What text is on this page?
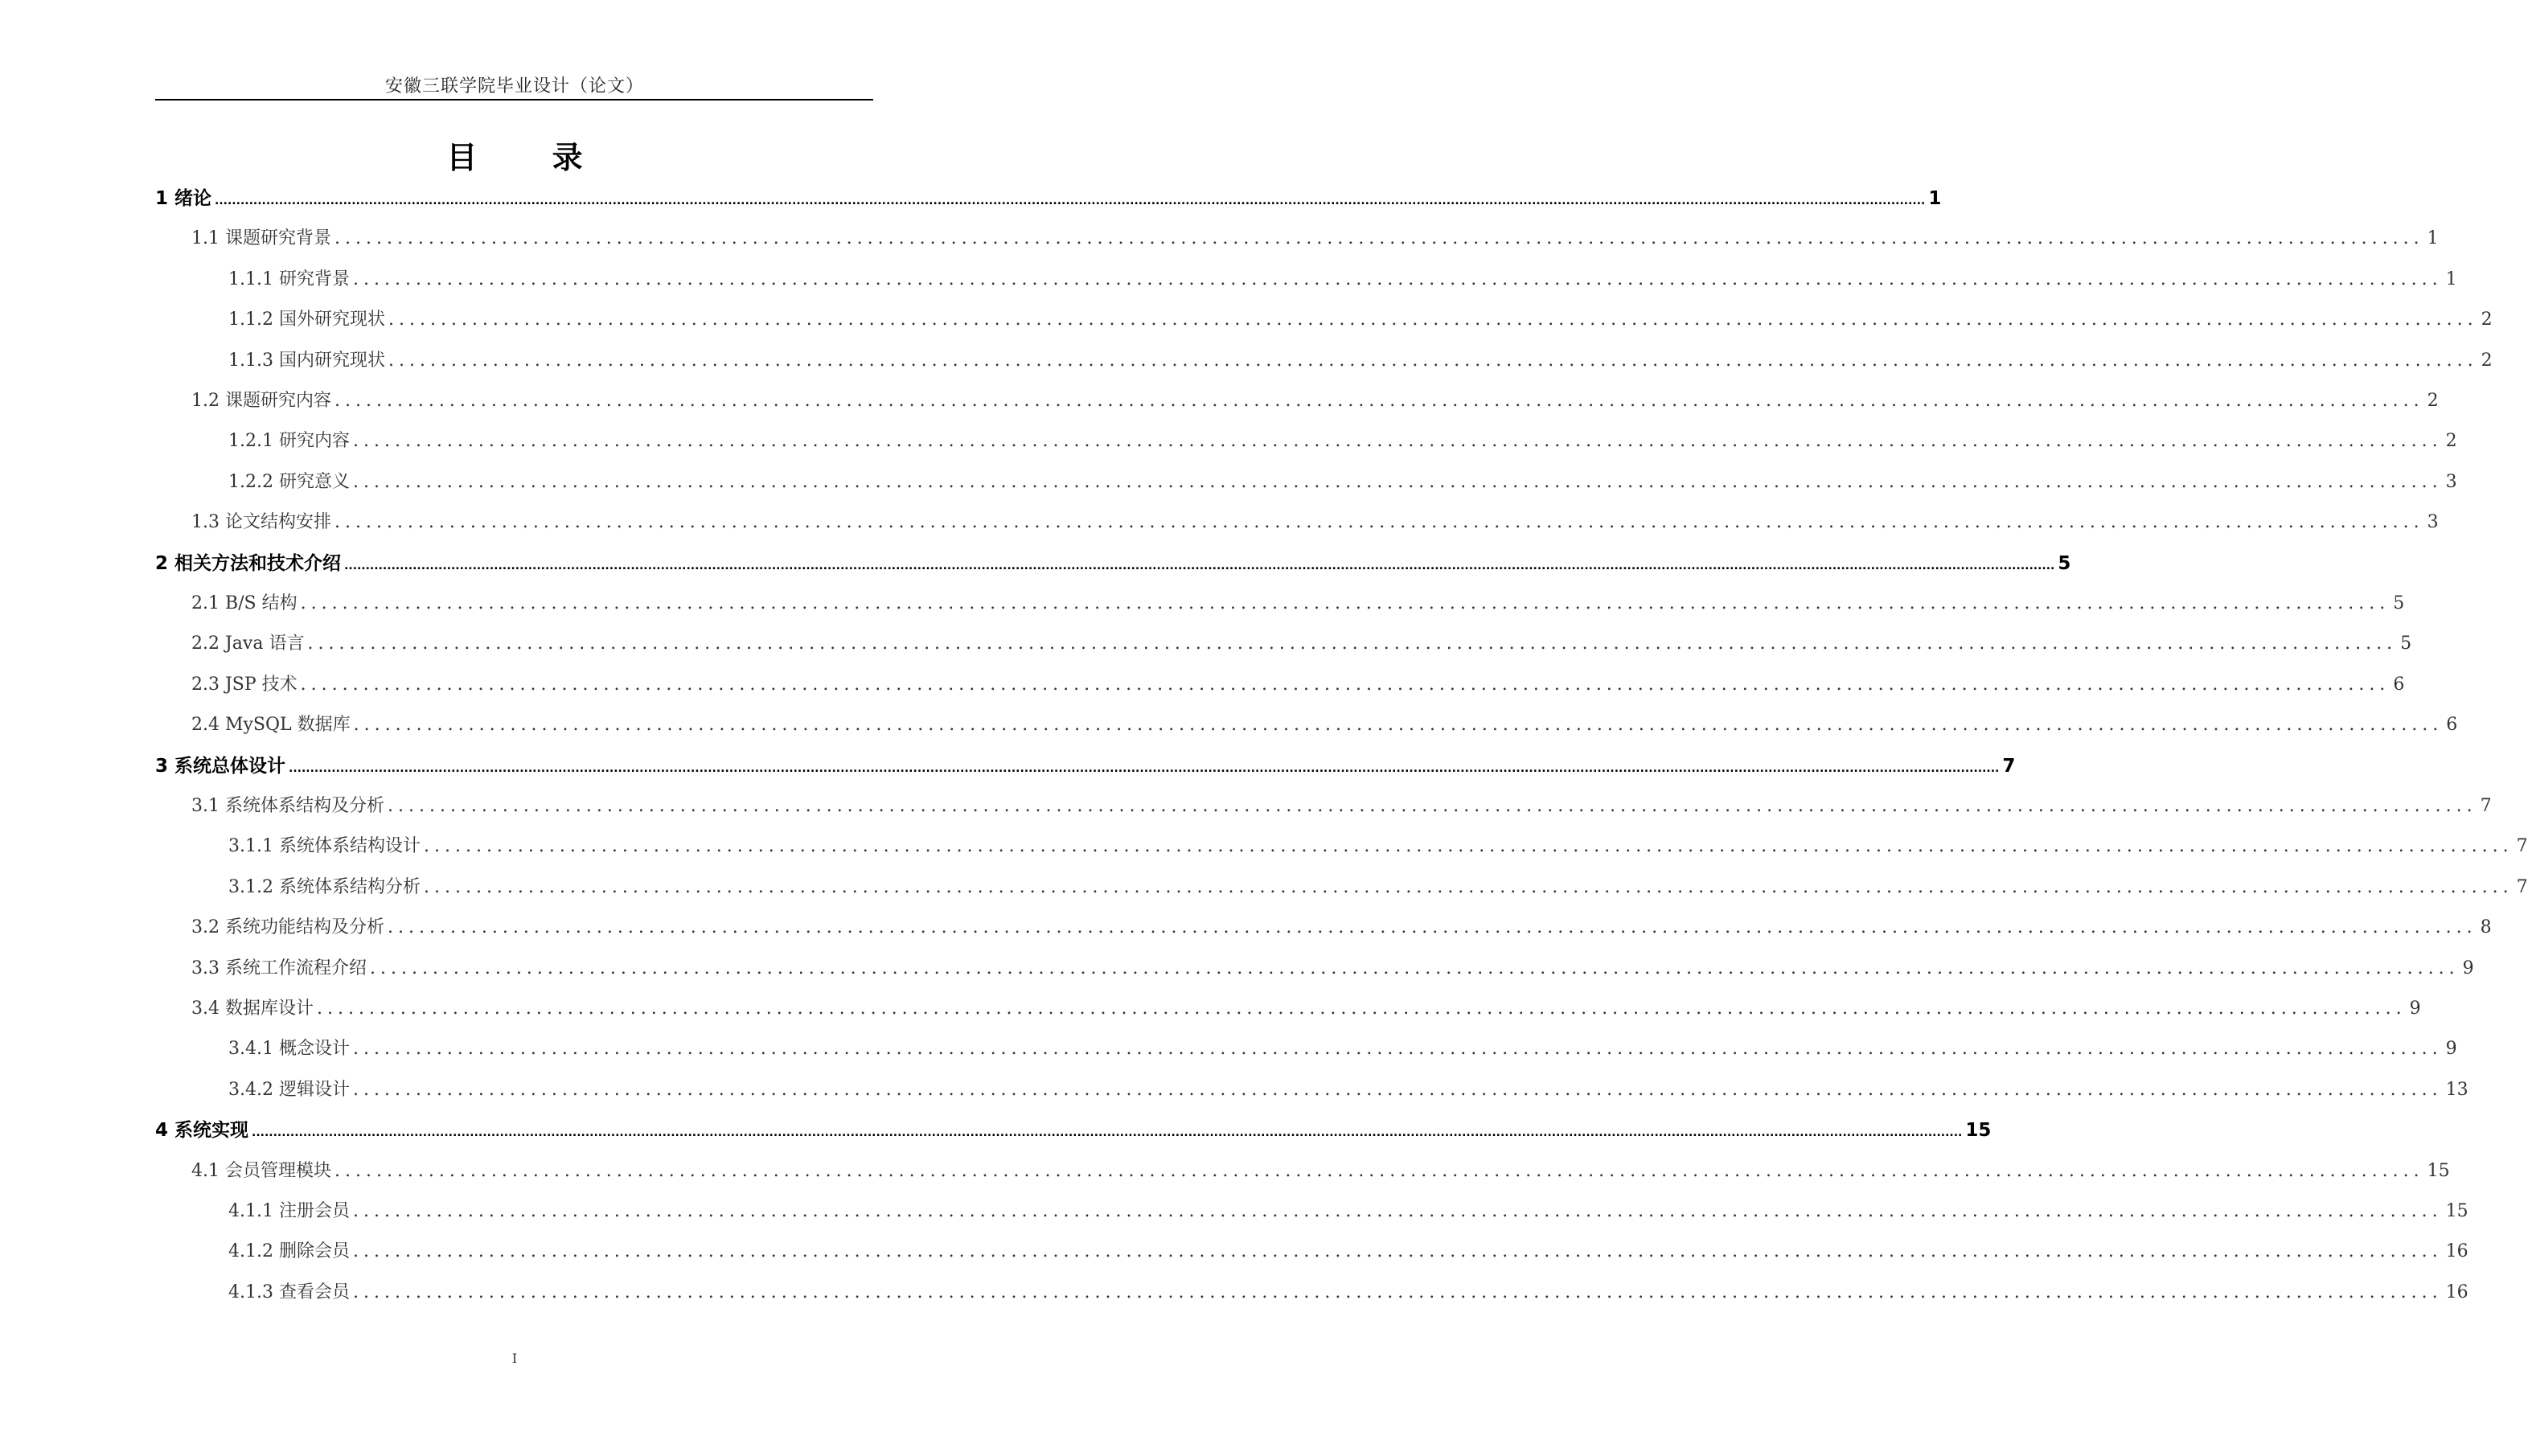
安徽三联学院毕业设计（论文）
目 录
1 绪论 ................................................................................................................................................................................................................................................................................................................................................................................................................ 1
1.1 课题研究背景 ........................................................................................................................................................................................................ 1
1.1.1 研究背景 ........................................................................................................................................................................................................ 1
1.1.2 国外研究现状 ........................................................................................................................................................................................................ 2
1.1.3 国内研究现状 ........................................................................................................................................................................................................ 2
1.2 课题研究内容 ........................................................................................................................................................................................................ 2
1.2.1 研究内容 ........................................................................................................................................................................................................ 2
1.2.2 研究意义 ........................................................................................................................................................................................................ 3
1.3 论文结构安排 ........................................................................................................................................................................................................ 3
2 相关方法和技术介绍 ................................................................................................................................................................................................................................................................................................................................................................................................................ 5
2.1 B/S 结构 ........................................................................................................................................................................................................ 5
2.2 Java 语言 ........................................................................................................................................................................................................ 5
2.3 JSP 技术 ........................................................................................................................................................................................................ 6
2.4 MySQL 数据库 ........................................................................................................................................................................................................ 6
3 系统总体设计 ................................................................................................................................................................................................................................................................................................................................................................................................................ 7
3.1 系统体系结构及分析 ........................................................................................................................................................................................................ 7
3.1.1 系统体系结构设计 ........................................................................................................................................................................................................ 7
3.1.2 系统体系结构分析 ........................................................................................................................................................................................................ 7
3.2 系统功能结构及分析 ........................................................................................................................................................................................................ 8
3.3 系统工作流程介绍 ........................................................................................................................................................................................................ 9
3.4 数据库设计 ........................................................................................................................................................................................................ 9
3.4.1 概念设计 ........................................................................................................................................................................................................ 9
3.4.2 逻辑设计 ........................................................................................................................................................................................................ 13
4 系统实现 ................................................................................................................................................................................................................................................................................................................................................................................................................ 15
4.1 会员管理模块 ........................................................................................................................................................................................................ 15
4.1.1 注册会员 ........................................................................................................................................................................................................ 15
4.1.2 删除会员 ........................................................................................................................................................................................................ 16
4.1.3 查看会员 ........................................................................................................................................................................................................ 16
I
